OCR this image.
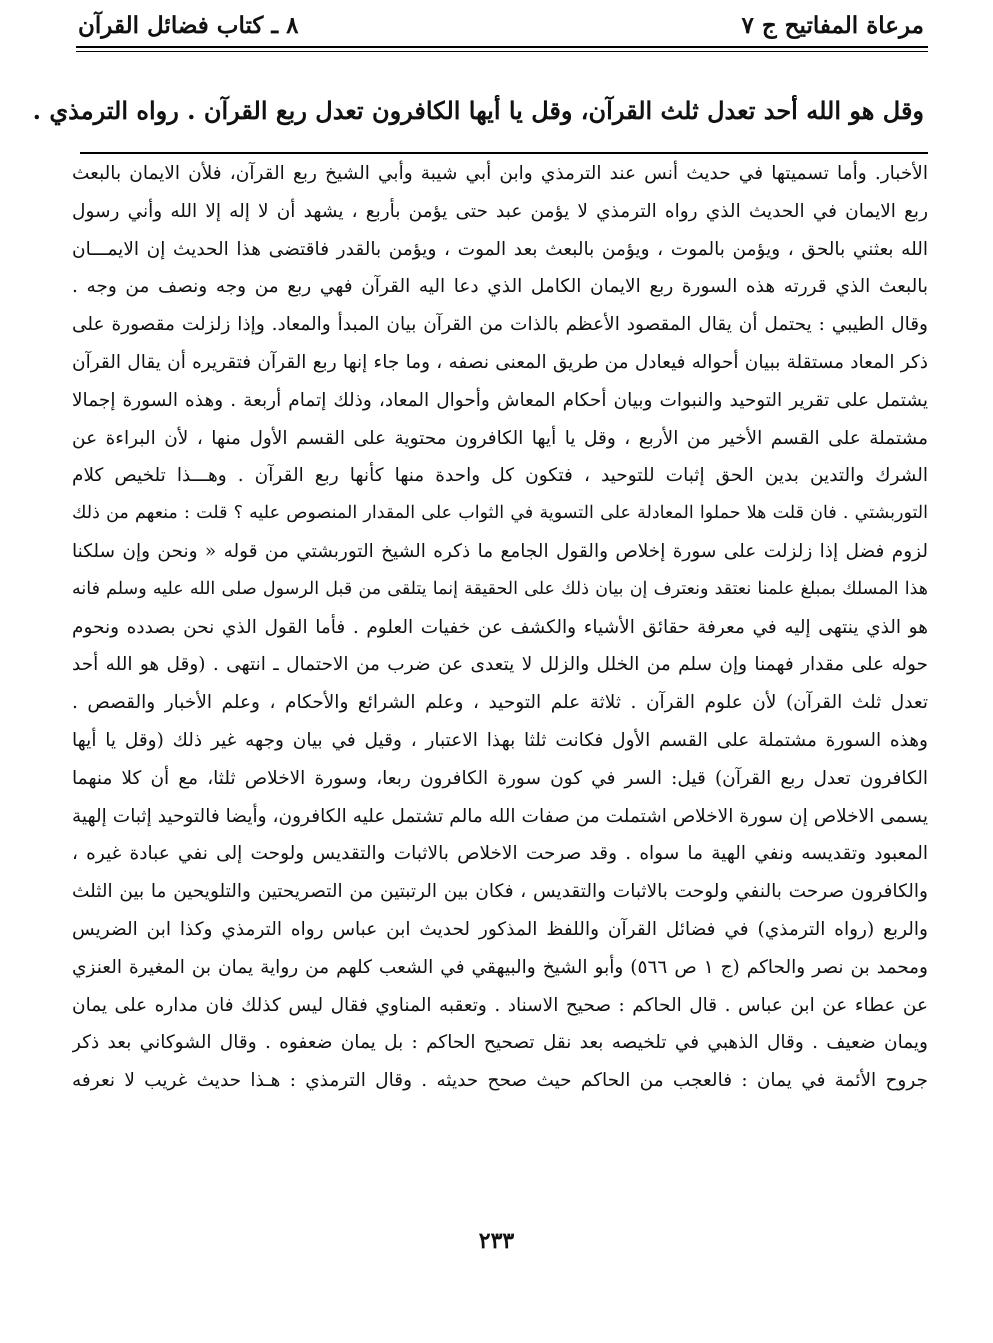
مرعاة المفاتيح ج ٧
٨ ـ كتاب فضائل القرآن
وقل هو الله أحد تعدل ثلث القرآن، وقل يا أيها الكافرون تعدل ربع القرآن . رواه الترمذي .
الأخبار. وأما تسميتها في حديث أنس عند الترمذي وابن أبي شيبة وأبي الشيخ ربع القرآن، فلأن الايمان بالبعث
ربع الايمان في الحديث الذي رواه الترمذي لا يؤمن عبد حتى يؤمن بأربع ، يشهد أن لا إله إلا الله وأني رسول
الله بعثني بالحق ، ويؤمن بالموت ، ويؤمن بالبعث بعد الموت ، ويؤمن بالقدر فاقتضى هذا الحديث إن الايمـــان
بالبعث الذي قررته هذه السورة ربع الايمان الكامل الذي دعا اليه القرآن فهي ربع من وجه ونصف من وجه .
وقال الطيبي : يحتمل أن يقال المقصود الأعظم بالذات من القرآن بيان المبدأ والمعاد. وإذا زلزلت مقصورة على
ذكر المعاد مستقلة ببيان أحواله فيعادل من طريق المعنى نصفه ، وما جاء إنها ربع القرآن فتقريره أن يقال القرآن
يشتمل على تقرير التوحيد والنبوات وبيان أحكام المعاش وأحوال المعاد، وذلك إتمام أربعة . وهذه السورة إجمالا
مشتملة على القسم الأخير من الأربع ، وقل يا أيها الكافرون محتوية على القسم الأول منها ، لأن البراءة عن
الشرك والتدين بدين الحق إثبات للتوحيد ، فتكون كل واحدة منها كأنها ربع القرآن . وهـــذا تلخيص كلام
التوربشتي . فان قلت هلا حملوا المعادلة على التسوية في الثواب على المقدار المنصوص عليه ؟ قلت : منعهم من ذلك
لزوم فضل إذا زلزلت على سورة إخلاص والقول الجامع ما ذكره الشيخ التوربشتي من قوله « ونحن وإن سلكنا
هذا المسلك بمبلغ علمنا نعتقد ونعترف إن بيان ذلك على الحقيقة إنما يتلقى من قبل الرسول صلى الله عليه وسلم فانه
هو الذي ينتهى إليه في معرفة حقائق الأشياء والكشف عن خفيات العلوم . فأما القول الذي نحن بصدده ونحوم
حوله على مقدار فهمنا وإن سلم من الخلل والزلل لا يتعدى عن ضرب من الاحتمال ـ انتهى . (وقل هو الله أحد
تعدل ثلث القرآن) لأن علوم القرآن . ثلاثة علم التوحيد ، وعلم الشرائع والأحكام ، وعلم الأخبار والقصص .
وهذه السورة مشتملة على القسم الأول فكانت ثلثا بهذا الاعتبار ، وقيل في بيان وجهه غير ذلك (وقل يا أيها
الكافرون تعدل ربع القرآن) قيل: السر في كون سورة الكافرون ربعا، وسورة الاخلاص ثلثا، مع أن كلا منهما
يسمى الاخلاص إن سورة الاخلاص اشتملت من صفات الله مالم تشتمل عليه الكافرون، وأيضا فالتوحيد إثبات إلهية
المعبود وتقديسه ونفي الهية ما سواه . وقد صرحت الاخلاص بالاثبات والتقديس ولوحت إلى نفي عبادة غيره ،
والكافرون صرحت بالنفي ولوحت بالاثبات والتقديس ، فكان بين الرتبتين من التصريحتين والتلويحين ما بين الثلث
والربع (رواه الترمذي) في فضائل القرآن واللفظ المذكور لحديث ابن عباس رواه الترمذي وكذا ابن الضريس
ومحمد بن نصر والحاكم (ج ١ ص ٥٦٦) وأبو الشيخ والبيهقي في الشعب كلهم من رواية يمان بن المغيرة العنزي
عن عطاء عن ابن عباس . قال الحاكم : صحيح الاسناد . وتعقبه المناوي فقال ليس كذلك فان مداره على يمان
ويمان ضعيف . وقال الذهبي في تلخيصه بعد نقل تصحيح الحاكم : بل يمان ضعفوه . وقال الشوكاني بعد ذكر
جروح الأئمة في يمان : فالعجب من الحاكم حيث صحح حديثه . وقال الترمذي : هـذا حديث غريب لا نعرفه
٢٣٣
